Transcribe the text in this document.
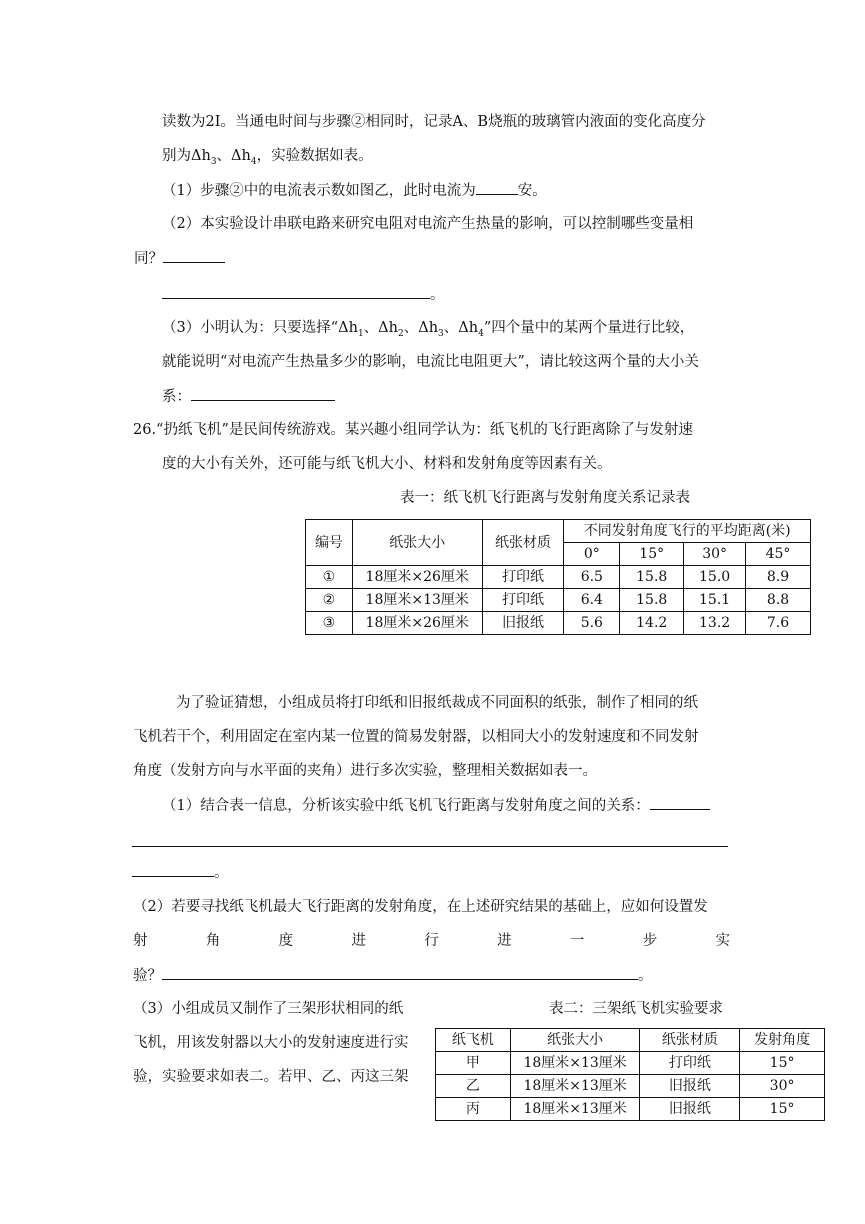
读数为2I。当通电时间与步骤②相同时，记录A、B烧瓶的玻璃管内液面的变化高度分
别为$\Delta h_3$、$\Delta h_4$，实验数据如表。
（1）步骤②中的电流表示数如图乙，此时电流为	安。
（2）本实验设计串联电路来研究电阻对电流产生热量的影响，可以控制哪些变量相
同？
。
（3）小明认为：只要选择“$\Delta h_1$、$\Delta h_2$、$\Delta h_3$、$\Delta h_4$”四个量中的某两个量进行比较，
就能说明“对电流产生热量多少的影响，电流比电阻更大”，请比较这两个量的大小关
系：
26.“扔纸飞机”是民间传统游戏。某兴趣小组同学认为：纸飞机的飞行距离除了与发射速
度的大小有关外，还可能与纸飞机大小、材料和发射角度等因素有关。
表一：纸飞机飞行距离与发射角度关系记录表
编号	纸张大小	纸张材质	不同发射角度飞行的平均距离(米)			
			0°	15°	30°	45°
①	18厘米×26厘米	打印纸	6.5	15.8	15.0	8.9
②	18厘米×13厘米	打印纸	6.4	15.8	15.1	8.8
③	18厘米×26厘米	旧报纸	5.6	14.2	13.2	7.6
为了验证猜想，小组成员将打印纸和旧报纸裁成不同面积的纸张，制作了相同的纸
飞机若干个，利用固定在室内某一位置的简易发射器，以相同大小的发射速度和不同发射
角度（发射方向与水平面的夹角）进行多次实验，整理相关数据如表一。
（1）结合表一信息，分析该实验中纸飞机飞行距离与发射角度之间的关系：
。
（2）若要寻找纸飞机最大飞行距离的发射角度，在上述研究结果的基础上，应如何设置发
射	角	度	进	行	进	一	步	实
验？	。
（3）小组成员又制作了三架形状相同的纸
飞机，用该发射器以大小的发射速度进行实
验，实验要求如表二。若甲、乙、丙这三架
表二：三架纸飞机实验要求
纸飞机	纸张大小	纸张材质	发射角度
甲	18厘米×13厘米	打印纸	15°
乙	18厘米×13厘米	旧报纸	30°
丙	18厘米×13厘米	旧报纸	15°
